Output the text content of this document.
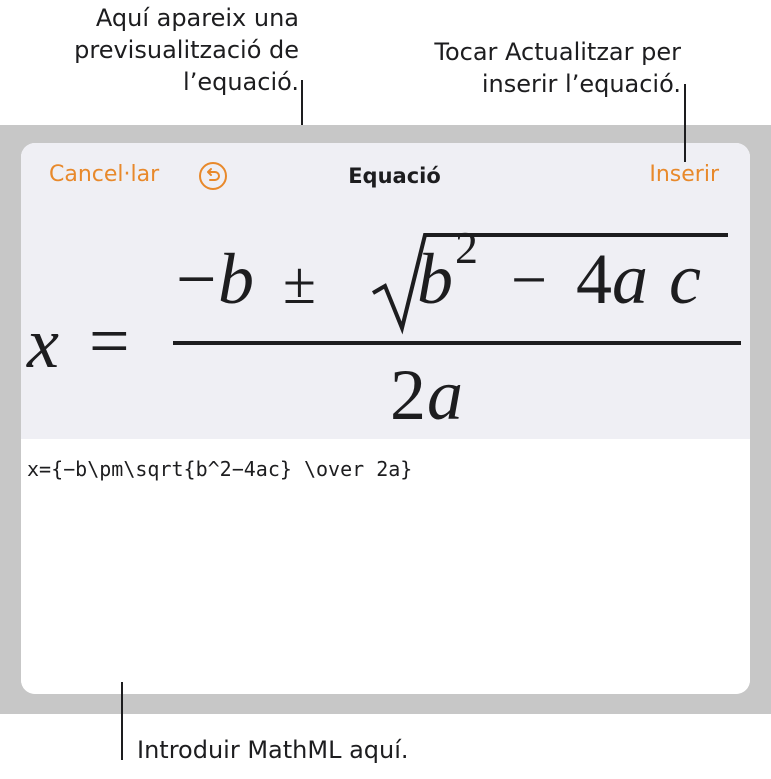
Aquí apareix una
previsualització de
l’equació.
Tocar Actualitzar per
inserir l’equació.
x =
− b ± b 2 − 4 a c
2 a
Cancel·lar	Equació	Inserir
x={−b\pm\sqrt{b^2−4ac} \over 2a}
Introduir MathML aquí.
